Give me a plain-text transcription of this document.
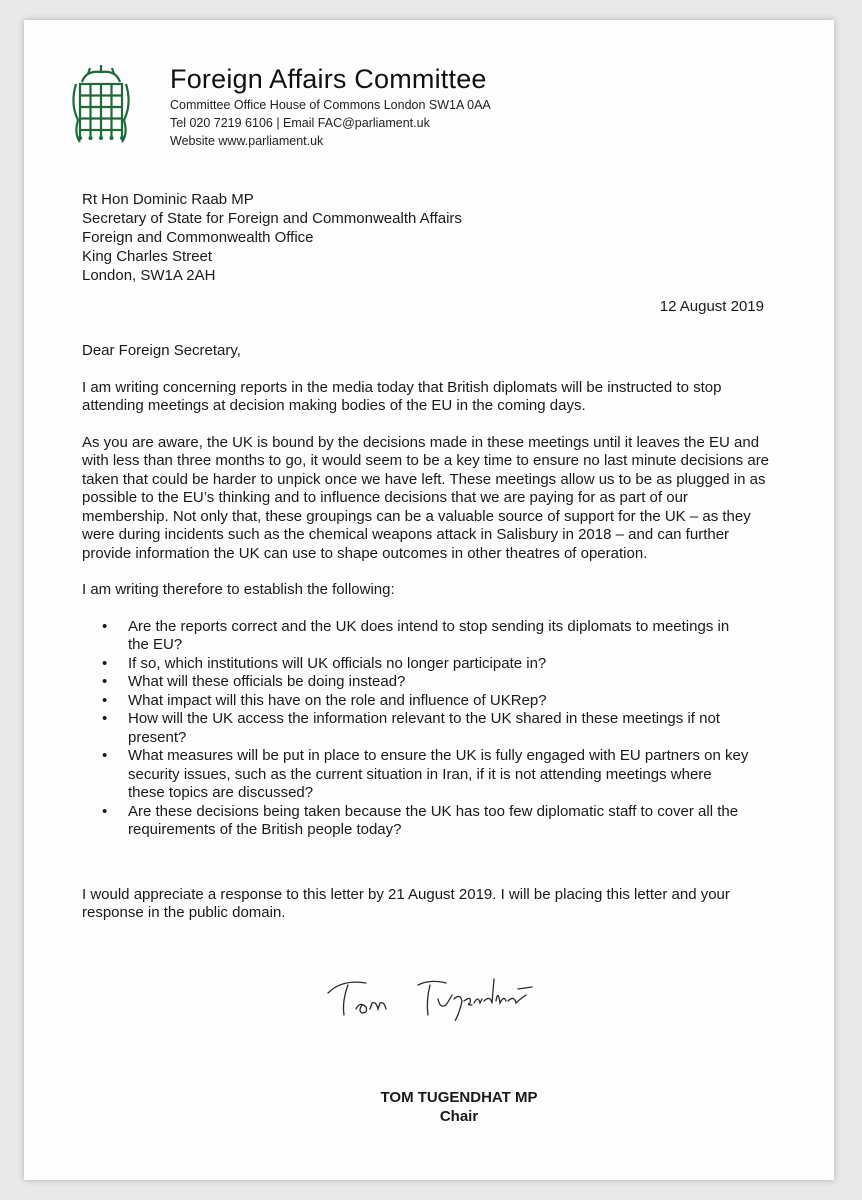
Foreign Affairs Committee
Committee Office House of Commons London SW1A 0AA
Tel 020 7219 6106 | Email FAC@parliament.uk
Website www.parliament.uk
Rt Hon Dominic Raab MP
Secretary of State for Foreign and Commonwealth Affairs
Foreign and Commonwealth Office
King Charles Street
London, SW1A 2AH
12 August 2019

Dear Foreign Secretary,

I am writing concerning reports in the media today that British diplomats will be instructed to stop attending meetings at decision making bodies of the EU in the coming days.

As you are aware, the UK is bound by the decisions made in these meetings until it leaves the EU and with less than three months to go, it would seem to be a key time to ensure no last minute decisions are taken that could be harder to unpick once we have left. These meetings allow us to be as plugged in as possible to the EU’s thinking and to influence decisions that we are paying for as part of our membership. Not only that, these groupings can be a valuable source of support for the UK – as they were during incidents such as the chemical weapons attack in Salisbury in 2018 – and can further provide information the UK can use to shape outcomes in other theatres of operation.

I am writing therefore to establish the following:

• Are the reports correct and the UK does intend to stop sending its diplomats to meetings in the EU?
• If so, which institutions will UK officials no longer participate in?
• What will these officials be doing instead?
• What impact will this have on the role and influence of UKRep?
• How will the UK access the information relevant to the UK shared in these meetings if not present?
• What measures will be put in place to ensure the UK is fully engaged with EU partners on key security issues, such as the current situation in Iran, if it is not attending meetings where these topics are discussed?
• Are these decisions being taken because the UK has too few diplomatic staff to cover all the requirements of the British people today?

I would appreciate a response to this letter by 21 August 2019. I will be placing this letter and your response in the public domain.

TOM TUGENDHAT MP
Chair
